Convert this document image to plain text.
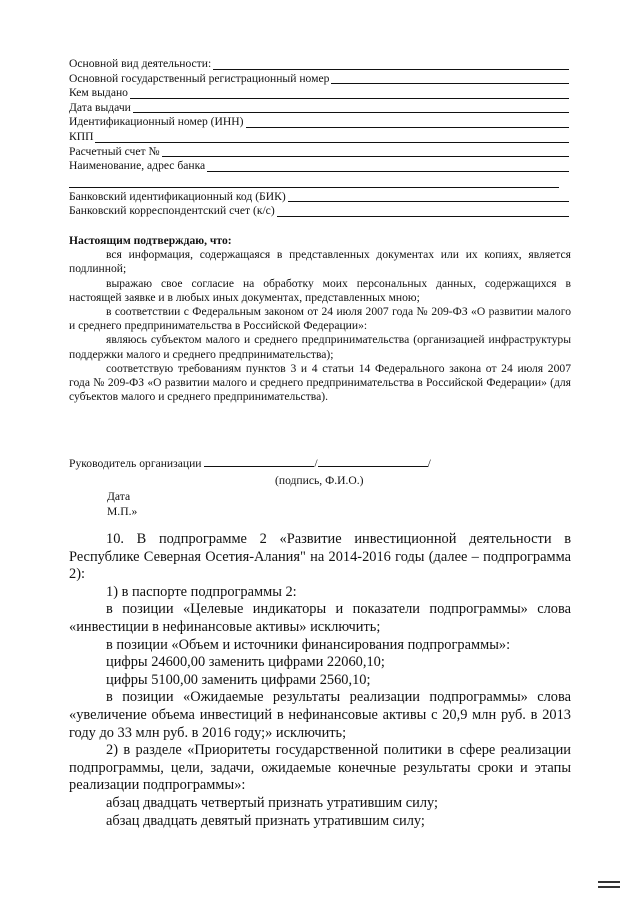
Основной вид деятельности:
Основной государственный регистрационный номер
Кем выдано
Дата выдачи
Идентификационный номер (ИНН)
КПП
Расчетный счет №
Наименование, адрес банка
Банковский идентификационный код (БИК)
Банковский корреспондентский счет (к/с)
Настоящим подтверждаю, что:

вся информация, содержащаяся в представленных документах или их копиях, является подлинной;

выражаю свое согласие на обработку моих персональных данных, содержащихся в настоящей заявке и в любых иных документах, представленных мною;

в соответствии с Федеральным законом от 24 июля 2007 года № 209-ФЗ «О развитии малого и среднего предпринимательства в Российской Федерации»:

являюсь субъектом малого и среднего предпринимательства (организацией инфраструктуры поддержки малого и среднего предпринимательства);

соответствую требованиям пунктов 3 и 4 статьи 14 Федерального закона от 24 июля 2007 года № 209-ФЗ «О развитии малого и среднего предпринимательства в Российской Федерации» (для субъектов малого и среднего предпринимательства).

Руководитель организации	/	/
(подпись, Ф.И.О.)
Дата
М.П.»

10. В подпрограмме 2 «Развитие инвестиционной деятельности в Республике Северная Осетия-Алания" на 2014-2016 годы (далее – подпрограмма 2):

1) в паспорте подпрограммы 2:

в позиции «Целевые индикаторы и показатели подпрограммы» слова «инвестиции в нефинансовые активы» исключить;

в позиции «Объем и источники финансирования подпрограммы»:

цифры 24600,00 заменить цифрами 22060,10;

цифры 5100,00 заменить цифрами 2560,10;

в позиции «Ожидаемые результаты реализации подпрограммы» слова «увеличение объема инвестиций в нефинансовые активы с 20,9 млн руб. в 2013 году до 33 млн руб. в 2016 году;» исключить;

2) в разделе «Приоритеты государственной политики в сфере реализации подпрограммы, цели, задачи, ожидаемые конечные результаты сроки и этапы реализации подпрограммы»:

абзац двадцать четвертый признать утратившим силу;

абзац двадцать девятый признать утратившим силу;
